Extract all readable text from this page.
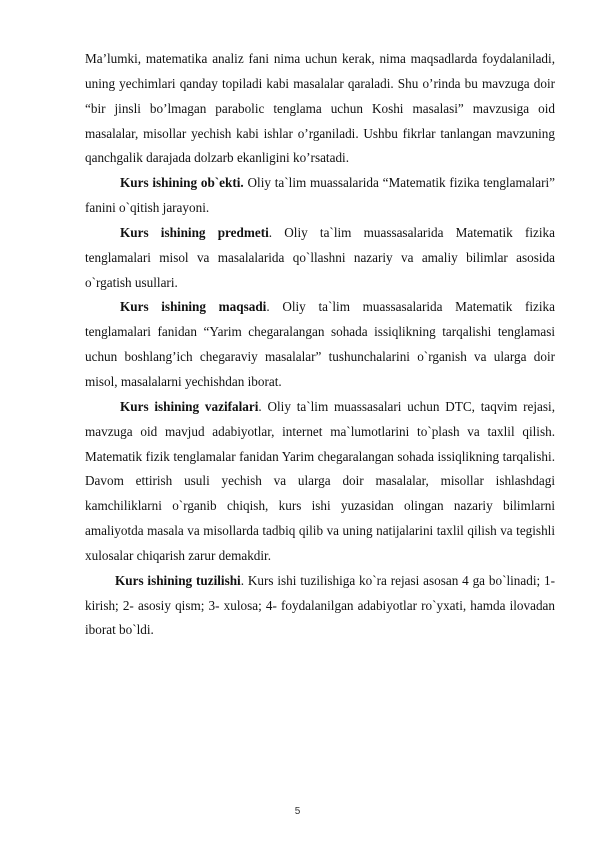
Ma’lumki, matematika analiz fani nima uchun kerak, nima maqsadlarda foydalaniladi, uning yechimlari qanday topiladi kabi masalalar qaraladi. Shu o’rinda bu mavzuga doir “bir jinsli bo’lmagan parabolic tenglama uchun Koshi masalasi” mavzusiga oid masalalar, misollar yechish kabi ishlar o’rganiladi. Ushbu fikrlar tanlangan mavzuning qanchgalik darajada dolzarb ekanligini ko’rsatadi.

Kurs ishining ob`ekti. Oliy ta`lim muassalarida “Matematik fizika tenglamalari” fanini o`qitish jarayoni.

Kurs ishining predmeti. Oliy ta`lim muassasalarida Matematik fizika tenglamalari misol va masalalarida qo`llashni nazariy va amaliy bilimlar asosida o`rgatish usullari.

Kurs ishining maqsadi. Oliy ta`lim muassasalarida Matematik fizika tenglamalari fanidan “Yarim chegaralangan sohada issiqlikning tarqalishi tenglamasi uchun boshlang’ich chegaraviy masalalar” tushunchalarini o`rganish va ularga doir misol, masalalarni yechishdan iborat.

Kurs ishining vazifalari. Oliy ta`lim muassasalari uchun DTC, taqvim rejasi, mavzuga oid mavjud adabiyotlar, internet ma`lumotlarini to`plash va taxlil qilish. Matematik fizik tenglamalar fanidan Yarim chegaralangan sohada issiqlikning tarqalishi. Davom ettirish usuli yechish va ularga doir masalalar, misollar ishlashdagi kamchiliklarni o`rganib chiqish, kurs ishi yuzasidan olingan nazariy bilimlarni amaliyotda masala va misollarda tadbiq qilib va uning natijalarini taxlil qilish va tegishli xulosalar chiqarish zarur demakdir.

Kurs ishining tuzilishi. Kurs ishi tuzilishiga ko`ra rejasi asosan 4 ga bo`linadi; 1-kirish; 2- asosiy qism; 3- xulosa; 4- foydalanilgan adabiyotlar ro`yxati, hamda ilovadan iborat bo`ldi.

5
